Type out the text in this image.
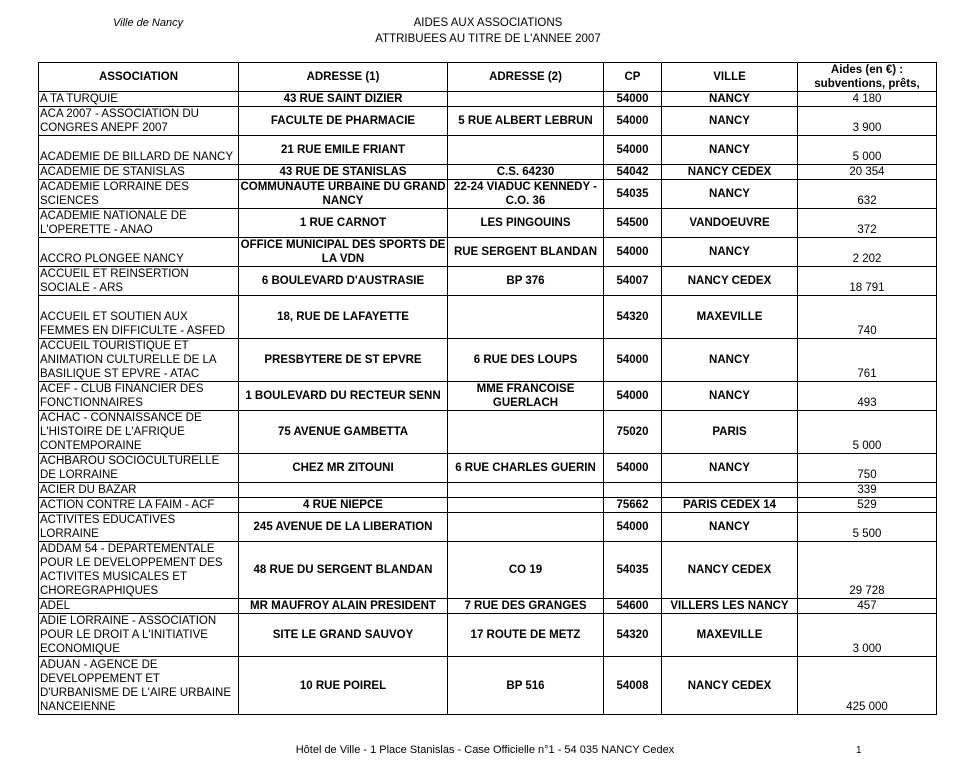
Ville de Nancy	AIDES AUX ASSOCIATIONS
ATTRIBUEES AU TITRE DE L'ANNEE 2007
ASSOCIATION	ADRESSE (1)	ADRESSE (2)	CP	VILLE	Aides (en €) : subventions, prêts,
A TA TURQUIE	43 RUE SAINT DIZIER		54000	NANCY	4 180
ACA 2007 - ASSOCIATION DU CONGRES ANEPF 2007	FACULTE DE PHARMACIE	5 RUE ALBERT LEBRUN	54000	NANCY	3 900
ACADEMIE DE BILLARD DE NANCY	21 RUE EMILE FRIANT		54000	NANCY	5 000
ACADEMIE DE STANISLAS	43 RUE DE STANISLAS	C.S. 64230	54042	NANCY CEDEX	20 354
ACADEMIE LORRAINE DES SCIENCES	COMMUNAUTE URBAINE DU GRAND NANCY	22-24 VIADUC KENNEDY - C.O. 36	54035	NANCY	632
ACADEMIE NATIONALE DE L'OPERETTE - ANAO	1 RUE CARNOT	LES PINGOUINS	54500	VANDOEUVRE	372
ACCRO PLONGEE NANCY	OFFICE MUNICIPAL DES SPORTS DE LA VDN	RUE SERGENT BLANDAN	54000	NANCY	2 202
ACCUEIL ET REINSERTION SOCIALE - ARS	6 BOULEVARD D'AUSTRASIE	BP 376	54007	NANCY CEDEX	18 791
ACCUEIL ET SOUTIEN AUX FEMMES EN DIFFICULTE - ASFED	18, RUE DE LAFAYETTE		54320	MAXEVILLE	740
ACCUEIL TOURISTIQUE ET ANIMATION CULTURELLE DE LA BASILIQUE ST EPVRE - ATAC	PRESBYTERE DE ST EPVRE	6 RUE DES LOUPS	54000	NANCY	761
ACEF - CLUB FINANCIER DES FONCTIONNAIRES	1 BOULEVARD DU RECTEUR SENN	MME FRANCOISE GUERLACH	54000	NANCY	493
ACHAC - CONNAISSANCE DE L'HISTOIRE DE L'AFRIQUE CONTEMPORAINE	75 AVENUE GAMBETTA		75020	PARIS	5 000
ACHBAROU SOCIOCULTURELLE DE LORRAINE	CHEZ MR ZITOUNI	6 RUE CHARLES GUERIN	54000	NANCY	750
ACIER DU BAZAR					339
ACTION CONTRE LA FAIM - ACF	4 RUE NIEPCE		75662	PARIS CEDEX 14	529
ACTIVITES EDUCATIVES LORRAINE	245 AVENUE DE LA LIBERATION		54000	NANCY	5 500
ADDAM 54 - DEPARTEMENTALE POUR LE DEVELOPPEMENT DES ACTIVITES MUSICALES ET CHOREGRAPHIQUES	48 RUE DU SERGENT BLANDAN	CO 19	54035	NANCY CEDEX	29 728
ADEL	MR MAUFROY ALAIN PRESIDENT	7 RUE DES GRANGES	54600	VILLERS LES NANCY	457
ADIE LORRAINE - ASSOCIATION POUR LE DROIT A L'INITIATIVE ECONOMIQUE	SITE LE GRAND SAUVOY	17 ROUTE DE METZ	54320	MAXEVILLE	3 000
ADUAN - AGENCE DE DEVELOPPEMENT ET D'URBANISME DE L'AIRE URBAINE NANCEIENNE	10 RUE POIREL	BP 516	54008	NANCY CEDEX	425 000
Hôtel de Ville - 1 Place Stanislas - Case Officielle n°1 - 54 035 NANCY Cedex	1
